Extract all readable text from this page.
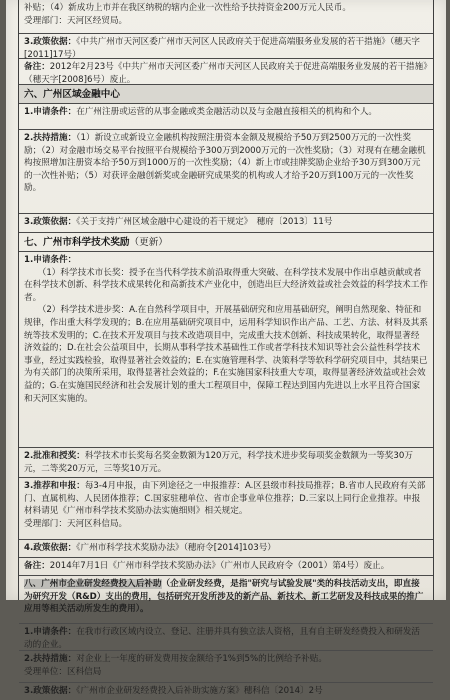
补贴；（4）新成功上市并在我区纳税的辖内企业一次性给予扶持资金200万元人民币。

受理部门：天河区经贸局。

3.政策依据：《中共广州市天河区委广州市天河区人民政府关于促进高端服务业发展的若干措施》（穗天字[2011]17号）

备注：2012年2月23号《中共广州市天河区委广州市天河区人民政府关于促进高端服务业发展的若干措施》（穗天字[2008]6号）废止。

六、广州区域金融中心

1.申请条件：在广州注册或运营的从事金融或类金融活动以及与金融直接相关的机构和个人。

2.扶持措施：（1）新设立或新设立金融机构按照注册资本金额及规模给予50万到2500万元的一次性奖励；（2）对金融市场交易平台按照平台规模给予300万到2000万元的一次性奖励；（3）对现有在穗金融机构按照增加注册资本给予50万到1000万的一次性奖励；（4）新上市或挂牌奖励企业给予30万到300万元的一次性补贴；（5）对获评金融创新奖或金融研究成果奖的机构或人才给予20万到100万元的一次性奖励。

3.政策依据：《关于支持广州区域金融中心建设的若干规定》　穗府〔2013〕11号

七、广州市科学技术奖励（更新）

1.申请条件：

（1）科学技术市长奖：授予在当代科学技术前沿取得重大突破、在科学技术发展中作出卓越贡献或者在科学技术创新、科学技术成果转化和高新技术产业化中，创造出巨大经济效益或社会效益的科学技术工作者。

（2）科学技术进步奖：A.在自然科学项目中，开展基础研究和应用基础研究，阐明自然现象、特征和规律，作出重大科学发现的；B.在应用基础研究项目中，运用科学知识作出产品、工艺、方法、材料及其系统等技术发明的；C.在技术开发项目与技术改造项目中，完成重大技术创新、科技成果转化，取得显著经济效益的；D.在社会公益项目中，长期从事科学技术基础性工作或者学科技术知识等社会公益性科学技术事业，经过实践检验，取得显著社会效益的；E.在实施管理科学、决策科学等软科学研究项目中，其结果已为有关部门的决策所采用，取得显著社会效益的；F.在实施国家科技重大专项，取得显著经济效益或社会效益的；G.在实施国民经济和社会发展计划的重大工程项目中，保障工程达到国内先进以上水平且符合国家和天河区实施的。

2.批准和授奖：科学技术市长奖每名奖金数额为120万元，科学技术进步奖每项奖金数额为一等奖30万元，二等奖20万元，三等奖10万元。

3.推荐和申报：每3-4月申报，由下列途径之一申报推荐：A.区县级市科技局推荐；B.省市人民政府有关部门、直属机构、人民团体推荐；C.国家驻穗单位、省市企事业单位推荐；D.三家以上同行企业推荐。申报材料请见《广州市科学技术奖励办法实施细则》相关规定。

受理部门：天河区科信局。

4.政策依据：《广州市科学技术奖励办法》（穗府令[2014]103号）

备注：2014年7月1日《广州市科学技术奖励办法》（广州市人民政府令（2001）第4号）废止。

八、广州市企业研发经费投入后补助（企业研发经费，是指"研究与试验发展"类的科技活动支出，即直接为研究开发（R&D）支出的费用，包括研究开发所涉及的新产品、新技术、新工艺研发及科技成果的推广应用等相关活动所发生的费用）。

1.申请条件：在我市行政区域内设立、登记、注册并具有独立法人资格，且有自主研发经费投入和研发活动的企业。

2.扶持措施：对企业上一年度的研发费用按金额给予1%到5%的比例给予补贴。

受理单位：区科信局

3.政策依据：《广州市企业研发经费投入后补助实施方案》穗科信〔2014〕2号
